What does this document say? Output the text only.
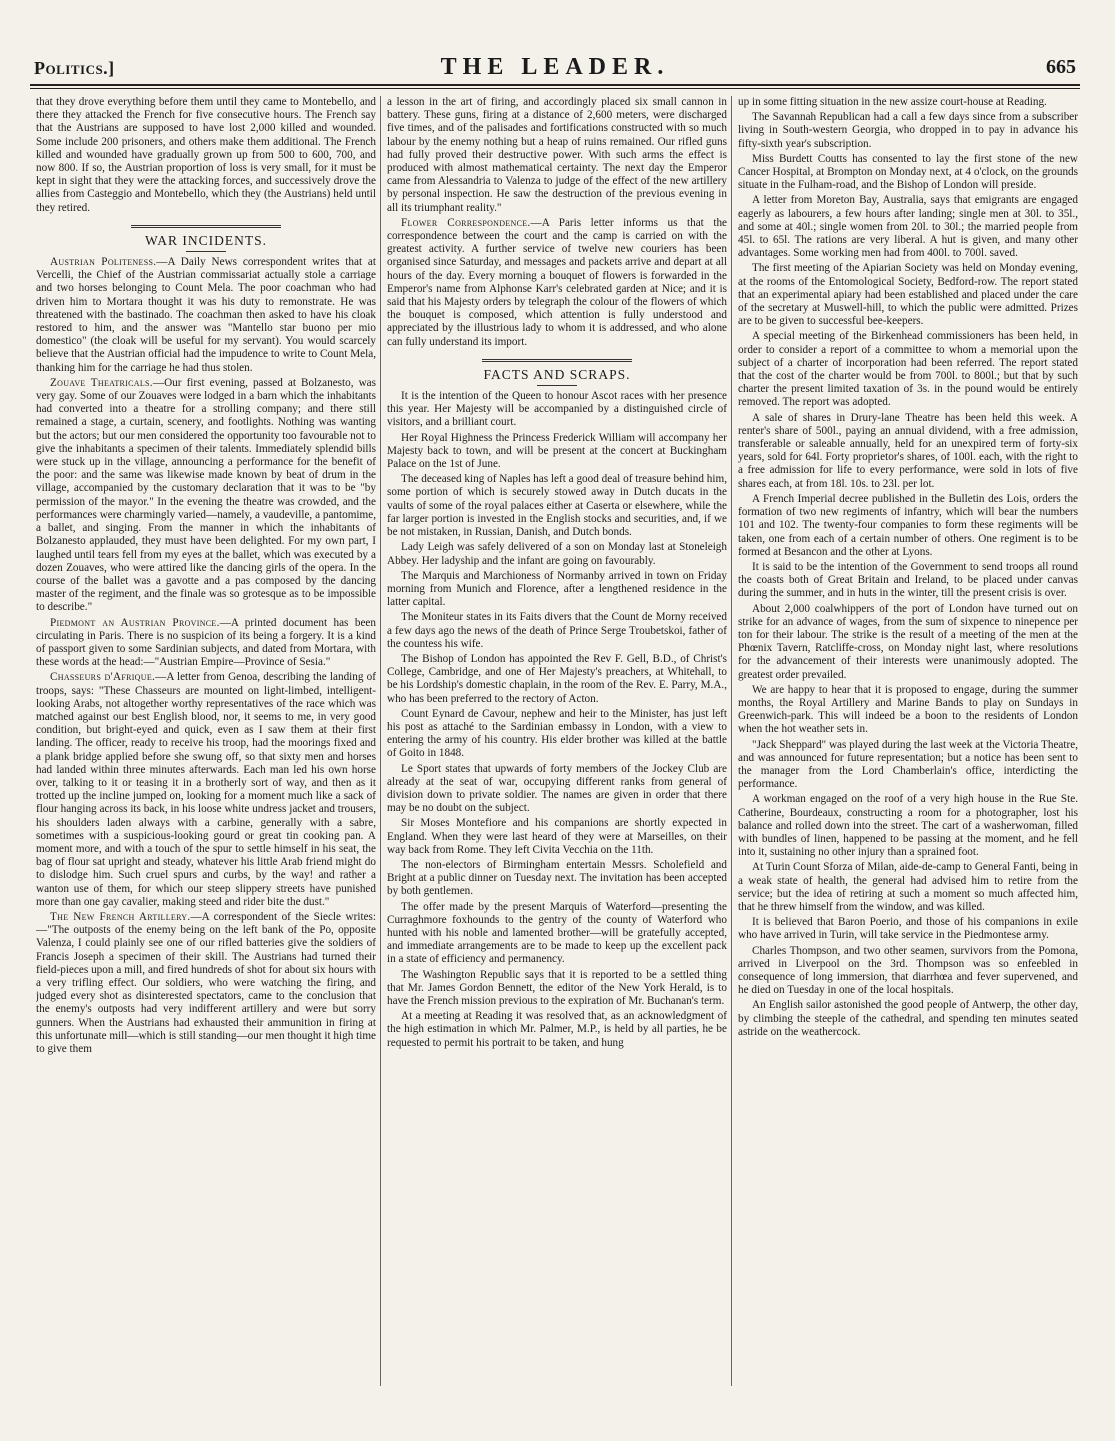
Politics.]	THE LEADER.	665

that they drove everything before them until they came to Montebello, and there they attacked the French for five consecutive hours. The French say that the Austrians are supposed to have lost 2,000 killed and wounded. Some include 200 prisoners, and others make them additional. The French killed and wounded have gradually grown up from 500 to 600, 700, and now 800. If so, the Austrian proportion of loss is very small, for it must be kept in sight that they were the attacking forces, and successively drove the allies from Casteggio and Montebello, which they (the Austrians) held until they retired.

WAR INCIDENTS.

Austrian Politeness.—A Daily News correspondent writes that at Vercelli, the Chief of the Austrian commissariat actually stole a carriage and two horses belonging to Count Mela. The poor coachman who had driven him to Mortara thought it was his duty to remonstrate. He was threatened with the bastinado. The coachman then asked to have his cloak restored to him, and the answer was "Mantello star buono per mio domestico" (the cloak will be useful for my servant). You would scarcely believe that the Austrian official had the impudence to write to Count Mela, thanking him for the carriage he had thus stolen.

Zouave Theatricals.—Our first evening, passed at Bolzanesto, was very gay. Some of our Zouaves were lodged in a barn which the inhabitants had converted into a theatre for a strolling company; and there still remained a stage, a curtain, scenery, and footlights. Nothing was wanting but the actors; but our men considered the opportunity too favourable not to give the inhabitants a specimen of their talents. Immediately splendid bills were stuck up in the village, announcing a performance for the benefit of the poor: and the same was likewise made known by beat of drum in the village, accompanied by the customary declaration that it was to be "by permission of the mayor." In the evening the theatre was crowded, and the performances were charmingly varied—namely, a vaudeville, a pantomime, a ballet, and singing. From the manner in which the inhabitants of Bolzanesto applauded, they must have been delighted. For my own part, I laughed until tears fell from my eyes at the ballet, which was executed by a dozen Zouaves, who were attired like the dancing girls of the opera. In the course of the ballet was a gavotte and a pas composed by the dancing master of the regiment, and the finale was so grotesque as to be impossible to describe."

Piedmont an Austrian Province.—A printed document has been circulating in Paris. There is no suspicion of its being a forgery. It is a kind of passport given to some Sardinian subjects, and dated from Mortara, with these words at the head:—"Austrian Empire—Province of Sesia."

Chasseurs d'Afrique.—A letter from Genoa, describing the landing of troops, says: "These Chasseurs are mounted on light-limbed, intelligent-looking Arabs, not altogether worthy representatives of the race which was matched against our best English blood, nor, it seems to me, in very good condition, but bright-eyed and quick, even as I saw them at their first landing. The officer, ready to receive his troop, had the moorings fixed and a plank bridge applied before she swung off, so that sixty men and horses had landed within three minutes afterwards. Each man led his own horse over, talking to it or teasing it in a brotherly sort of way, and then as it trotted up the incline jumped on, looking for a moment much like a sack of flour hanging across its back, in his loose white undress jacket and trousers, his shoulders laden always with a carbine, generally with a sabre, sometimes with a suspicious-looking gourd or great tin cooking pan. A moment more, and with a touch of the spur to settle himself in his seat, the bag of flour sat upright and steady, whatever his little Arab friend might do to dislodge him. Such cruel spurs and curbs, by the way! and rather a wanton use of them, for which our steep slippery streets have punished more than one gay cavalier, making steed and rider bite the dust."

The New French Artillery.—A correspondent of the Siecle writes:—"The outposts of the enemy being on the left bank of the Po, opposite Valenza, I could plainly see one of our rifled batteries give the soldiers of Francis Joseph a specimen of their skill. The Austrians had turned their field-pieces upon a mill, and fired hundreds of shot for about six hours with a very trifling effect. Our soldiers, who were watching the firing, and judged every shot as disinterested spectators, came to the conclusion that the enemy's outposts had very indifferent artillery and were but sorry gunners. When the Austrians had exhausted their ammunition in firing at this unfortunate mill—which is still standing—our men thought it high time to give them

a lesson in the art of firing, and accordingly placed six small cannon in battery. These guns, firing at a distance of 2,600 meters, were discharged five times, and of the palisades and fortifications constructed with so much labour by the enemy nothing but a heap of ruins remained. Our rifled guns had fully proved their destructive power. With such arms the effect is produced with almost mathematical certainty. The next day the Emperor came from Alessandria to Valenza to judge of the effect of the new artillery by personal inspection. He saw the destruction of the previous evening in all its triumphant reality."

Flower Correspondence.—A Paris letter informs us that the correspondence between the court and the camp is carried on with the greatest activity. A further service of twelve new couriers has been organised since Saturday, and messages and packets arrive and depart at all hours of the day. Every morning a bouquet of flowers is forwarded in the Emperor's name from Alphonse Karr's celebrated garden at Nice; and it is said that his Majesty orders by telegraph the colour of the flowers of which the bouquet is composed, which attention is fully understood and appreciated by the illustrious lady to whom it is addressed, and who alone can fully understand its import.

FACTS AND SCRAPS.

It is the intention of the Queen to honour Ascot races with her presence this year. Her Majesty will be accompanied by a distinguished circle of visitors, and a brilliant court.

Her Royal Highness the Princess Frederick William will accompany her Majesty back to town, and will be present at the concert at Buckingham Palace on the 1st of June.

The deceased king of Naples has left a good deal of treasure behind him, some portion of which is securely stowed away in Dutch ducats in the vaults of some of the royal palaces either at Caserta or elsewhere, while the far larger portion is invested in the English stocks and securities, and, if we be not mistaken, in Russian, Danish, and Dutch bonds.

Lady Leigh was safely delivered of a son on Monday last at Stoneleigh Abbey. Her ladyship and the infant are going on favourably.

The Marquis and Marchioness of Normanby arrived in town on Friday morning from Munich and Florence, after a lengthened residence in the latter capital.

The Moniteur states in its Faits divers that the Count de Morny received a few days ago the news of the death of Prince Serge Troubetskoi, father of the countess his wife.

The Bishop of London has appointed the Rev F. Gell, B.D., of Christ's College, Cambridge, and one of Her Majesty's preachers, at Whitehall, to be his Lordship's domestic chaplain, in the room of the Rev. E. Parry, M.A., who has been preferred to the rectory of Acton.

Count Eynard de Cavour, nephew and heir to the Minister, has just left his post as attaché to the Sardinian embassy in London, with a view to entering the army of his country. His elder brother was killed at the battle of Goito in 1848.

Le Sport states that upwards of forty members of the Jockey Club are already at the seat of war, occupying different ranks from general of division down to private soldier. The names are given in order that there may be no doubt on the subject.

Sir Moses Montefiore and his companions are shortly expected in England. When they were last heard of they were at Marseilles, on their way back from Rome. They left Civita Vecchia on the 11th.

The non-electors of Birmingham entertain Messrs. Scholefield and Bright at a public dinner on Tuesday next. The invitation has been accepted by both gentlemen.

The offer made by the present Marquis of Waterford—presenting the Curraghmore foxhounds to the gentry of the county of Waterford who hunted with his noble and lamented brother—will be gratefully accepted, and immediate arrangements are to be made to keep up the excellent pack in a state of efficiency and permanency.

The Washington Republic says that it is reported to be a settled thing that Mr. James Gordon Bennett, the editor of the New York Herald, is to have the French mission previous to the expiration of Mr. Buchanan's term.

At a meeting at Reading it was resolved that, as an acknowledgment of the high estimation in which Mr. Palmer, M.P., is held by all parties, he be requested to permit his portrait to be taken, and hung

up in some fitting situation in the new assize court-house at Reading.

The Savannah Republican had a call a few days since from a subscriber living in South-western Georgia, who dropped in to pay in advance his fifty-sixth year's subscription.

Miss Burdett Coutts has consented to lay the first stone of the new Cancer Hospital, at Brompton on Monday next, at 4 o'clock, on the grounds situate in the Fulham-road, and the Bishop of London will preside.

A letter from Moreton Bay, Australia, says that emigrants are engaged eagerly as labourers, a few hours after landing; single men at 30l. to 35l., and some at 40l.; single women from 20l. to 30l.; the married people from 45l. to 65l. The rations are very liberal. A hut is given, and many other advantages. Some working men had from 400l. to 700l. saved.

The first meeting of the Apiarian Society was held on Monday evening, at the rooms of the Entomological Society, Bedford-row. The report stated that an experimental apiary had been established and placed under the care of the secretary at Muswell-hill, to which the public were admitted. Prizes are to be given to successful bee-keepers.

A special meeting of the Birkenhead commissioners has been held, in order to consider a report of a committee to whom a memorial upon the subject of a charter of incorporation had been referred. The report stated that the cost of the charter would be from 700l. to 800l.; but that by such charter the present limited taxation of 3s. in the pound would be entirely removed. The report was adopted.

A sale of shares in Drury-lane Theatre has been held this week. A renter's share of 500l., paying an annual dividend, with a free admission, transferable or saleable annually, held for an unexpired term of forty-six years, sold for 64l. Forty proprietor's shares, of 100l. each, with the right to a free admission for life to every performance, were sold in lots of five shares each, at from 18l. 10s. to 23l. per lot.

A French Imperial decree published in the Bulletin des Lois, orders the formation of two new regiments of infantry, which will bear the numbers 101 and 102. The twenty-four companies to form these regiments will be taken, one from each of a certain number of others. One regiment is to be formed at Besancon and the other at Lyons.

It is said to be the intention of the Government to send troops all round the coasts both of Great Britain and Ireland, to be placed under canvas during the summer, and in huts in the winter, till the present crisis is over.

About 2,000 coalwhippers of the port of London have turned out on strike for an advance of wages, from the sum of sixpence to ninepence per ton for their labour. The strike is the result of a meeting of the men at the Phœnix Tavern, Ratcliffe-cross, on Monday night last, where resolutions for the advancement of their interests were unanimously adopted. The greatest order prevailed.

We are happy to hear that it is proposed to engage, during the summer months, the Royal Artillery and Marine Bands to play on Sundays in Greenwich-park. This will indeed be a boon to the residents of London when the hot weather sets in.

"Jack Sheppard" was played during the last week at the Victoria Theatre, and was announced for future representation; but a notice has been sent to the manager from the Lord Chamberlain's office, interdicting the performance.

A workman engaged on the roof of a very high house in the Rue Ste. Catherine, Bourdeaux, constructing a room for a photographer, lost his balance and rolled down into the street. The cart of a washerwoman, filled with bundles of linen, happened to be passing at the moment, and he fell into it, sustaining no other injury than a sprained foot.

At Turin Count Sforza of Milan, aide-de-camp to General Fanti, being in a weak state of health, the general had advised him to retire from the service; but the idea of retiring at such a moment so much affected him, that he threw himself from the window, and was killed.

It is believed that Baron Poerio, and those of his companions in exile who have arrived in Turin, will take service in the Piedmontese army.

Charles Thompson, and two other seamen, survivors from the Pomona, arrived in Liverpool on the 3rd. Thompson was so enfeebled in consequence of long immersion, that diarrhœa and fever supervened, and he died on Tuesday in one of the local hospitals.

An English sailor astonished the good people of Antwerp, the other day, by climbing the steeple of the cathedral, and spending ten minutes seated astride on the weathercock.
